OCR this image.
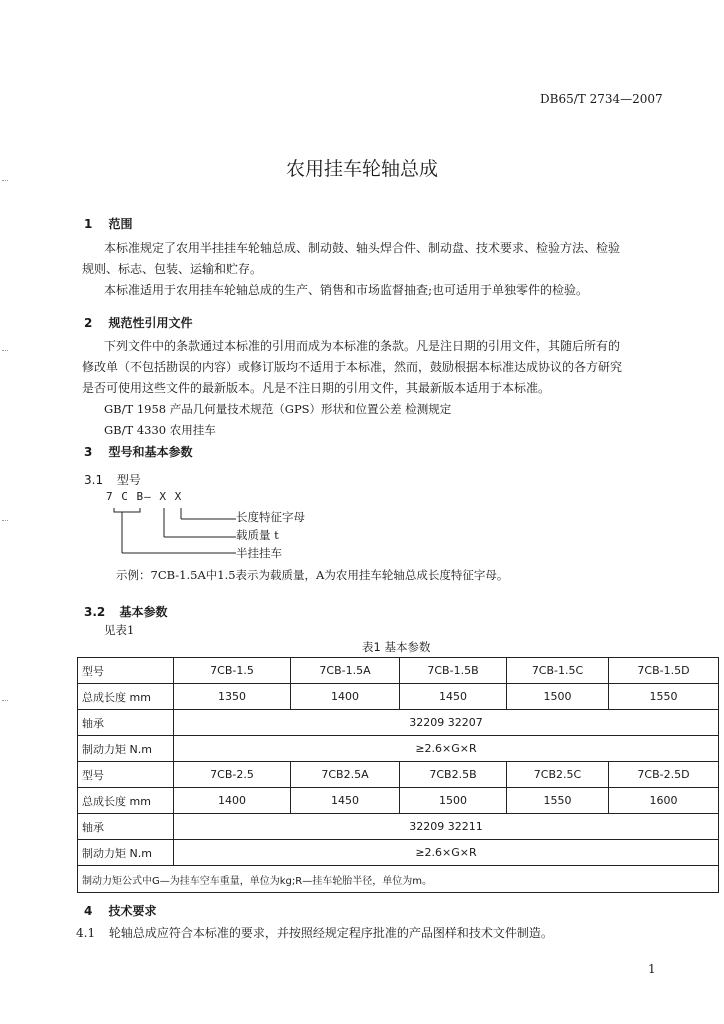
DB65/T 2734—2007
农用挂车轮轴总成
1 范围
本标准规定了农用半挂挂车轮轴总成、制动鼓、轴头焊合件、制动盘、技术要求、检验方法、检验
规则、标志、包装、运输和贮存。
本标准适用于农用挂车轮轴总成的生产、销售和市场监督抽查;也可适用于单独零件的检验。
2 规范性引用文件
下列文件中的条款通过本标准的引用而成为本标准的条款。凡是注日期的引用文件，其随后所有的
修改单（不包括勘误的内容）或修订版均不适用于本标准，然而，鼓励根据本标准达成协议的各方研究
是否可使用这些文件的最新版本。凡是不注日期的引用文件，其最新版本适用于本标准。
GB/T 1958 产品几何量技术规范（GPS）形状和位置公差 检测规定
GB/T 4330 农用挂车
3 型号和基本参数
3.1 型号
7 C B— X X
长度特征字母
载质量 t
半挂挂车
示例：7CB-1.5A中1.5表示为载质量，A为农用挂车轮轴总成长度特征字母。
3.2 基本参数
见表1
表1 基本参数
型号	7CB-1.5	7CB-1.5A	7CB-1.5B	7CB-1.5C	7CB-1.5D
总成长度 mm	1350	1400	1450	1500	1550
轴承	32209 32207				
制动力矩 N.m	≥2.6×G×R				
型号	7CB-2.5	7CB2.5A	7CB2.5B	7CB2.5C	7CB-2.5D
总成长度 mm	1400	1450	1500	1550	1600
轴承	32209 32211				
制动力矩 N.m	≥2.6×G×R				
制动力矩公式中G—为挂车空车重量，单位为kg;R—挂车轮胎半径，单位为m。					
4 技术要求
4.1 轮轴总成应符合本标准的要求，并按照经规定程序批准的产品图样和技术文件制造。
1
